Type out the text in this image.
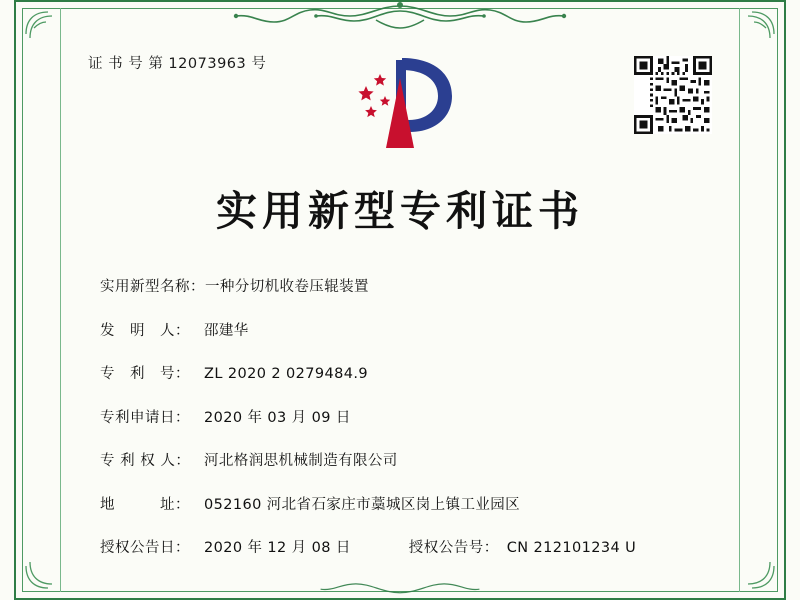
证 书 号 第 12073963 号
实用新型专利证书
实用新型名称： 一种分切机收卷压辊装置
发　明　人： 邵建华
专　利　号： ZL 2020 2 0279484.9
专利申请日： 2020 年 03 月 09 日
专 利 权 人： 河北格润思机械制造有限公司
地　　　址： 052160 河北省石家庄市藁城区岗上镇工业园区
授权公告日： 2020 年 12 月 08 日	授权公告号： CN 212101234 U
